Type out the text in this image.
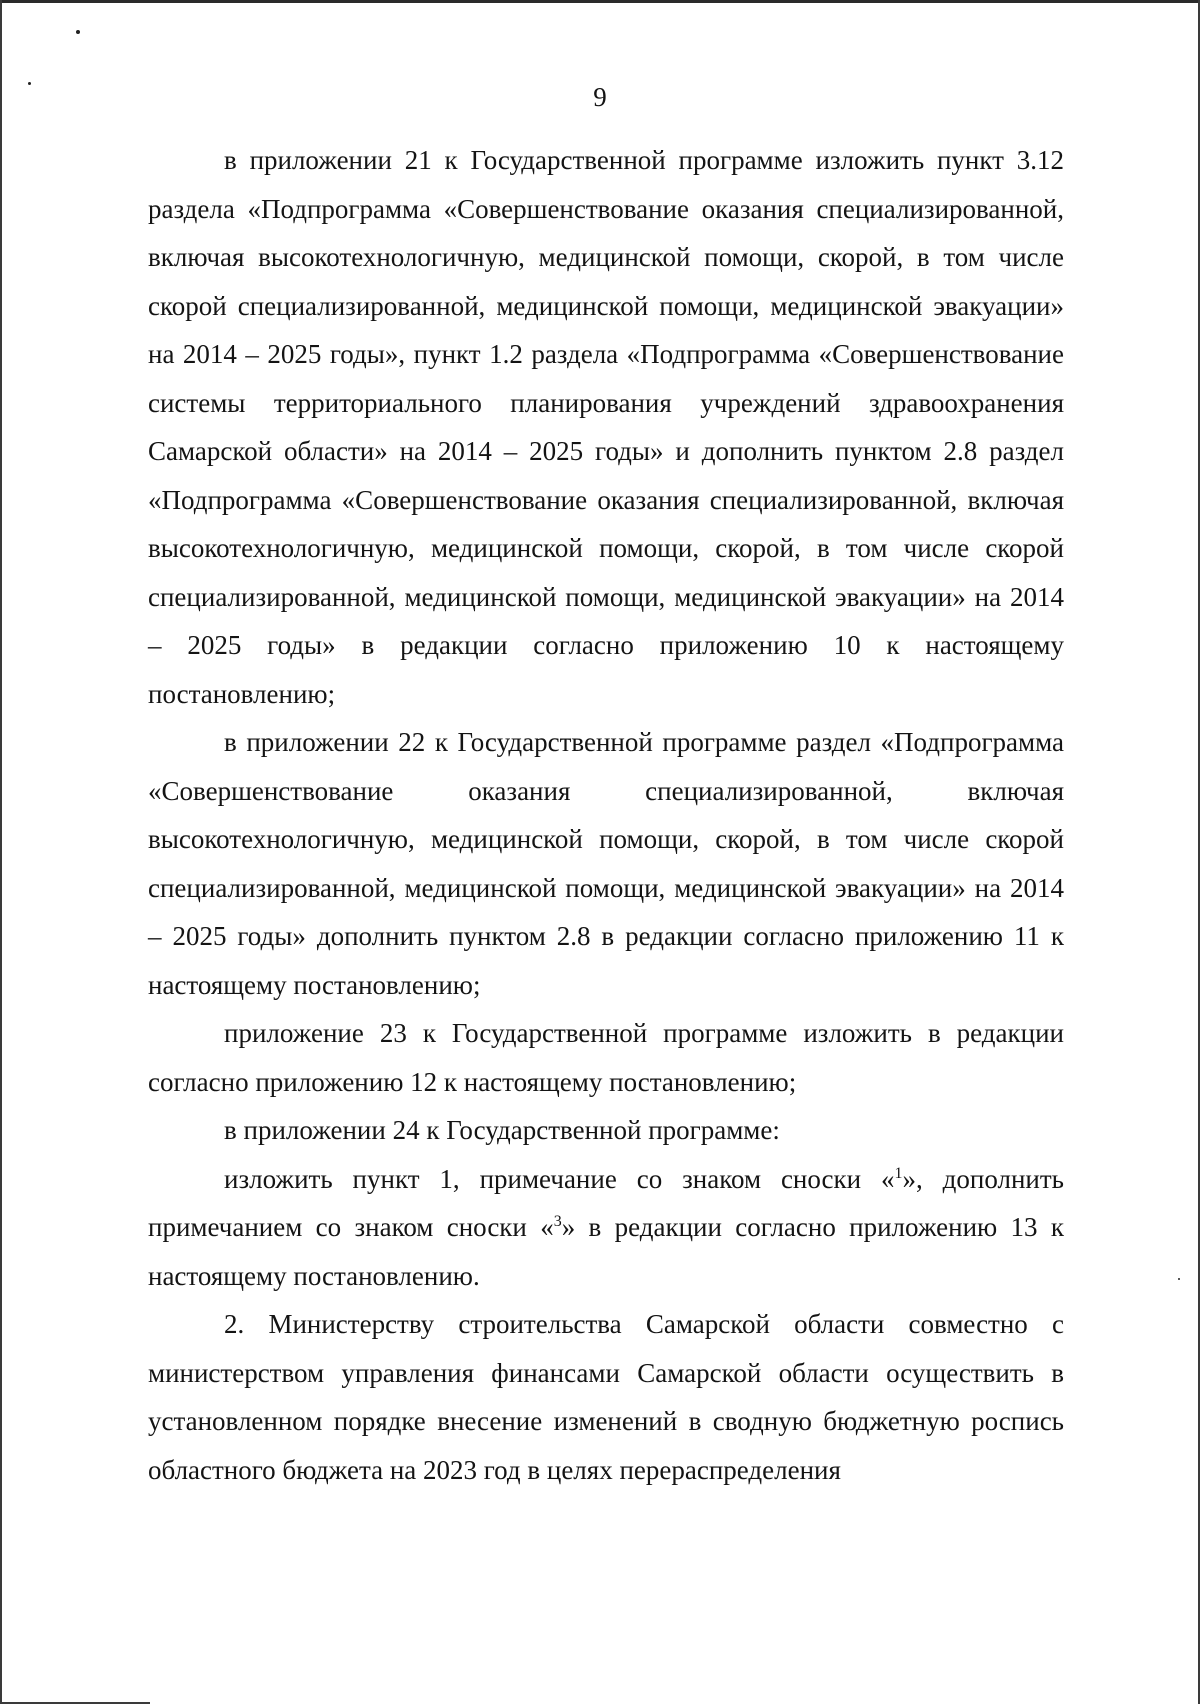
9

в приложении 21 к Государственной программе изложить пункт 3.12 раздела «Подпрограмма «Совершенствование оказания специализированной, включая высокотехнологичную, медицинской помощи, скорой, в том числе скорой специализированной, медицинской помощи, медицинской эвакуации» на 2014 – 2025 годы», пункт 1.2 раздела «Подпрограмма «Совершенствование системы территориального планирования учреждений здравоохранения Самарской области» на 2014 – 2025 годы» и дополнить пунктом 2.8 раздел «Подпрограмма «Совершенствование оказания специализированной, включая высокотехнологичную, медицинской помощи, скорой, в том числе скорой специализированной, медицинской помощи, медицинской эвакуации» на 2014 – 2025 годы» в редакции согласно приложению 10 к настоящему постановлению;

в приложении 22 к Государственной программе раздел «Подпрограмма «Совершенствование оказания специализированной, включая высокотехнологичную, медицинской помощи, скорой, в том числе скорой специализированной, медицинской помощи, медицинской эвакуации» на 2014 – 2025 годы» дополнить пунктом 2.8 в редакции согласно приложению 11 к настоящему постановлению;

приложение 23 к Государственной программе изложить в редакции согласно приложению 12 к настоящему постановлению;

в приложении 24 к Государственной программе:

изложить пункт 1, примечание со знаком сноски «$^1$», дополнить примечанием со знаком сноски «$^3$» в редакции согласно приложению 13 к настоящему постановлению.

2. Министерству строительства Самарской области совместно с министерством управления финансами Самарской области осуществить в установленном порядке внесение изменений в сводную бюджетную роспись областного бюджета на 2023 год в целях перераспределения
